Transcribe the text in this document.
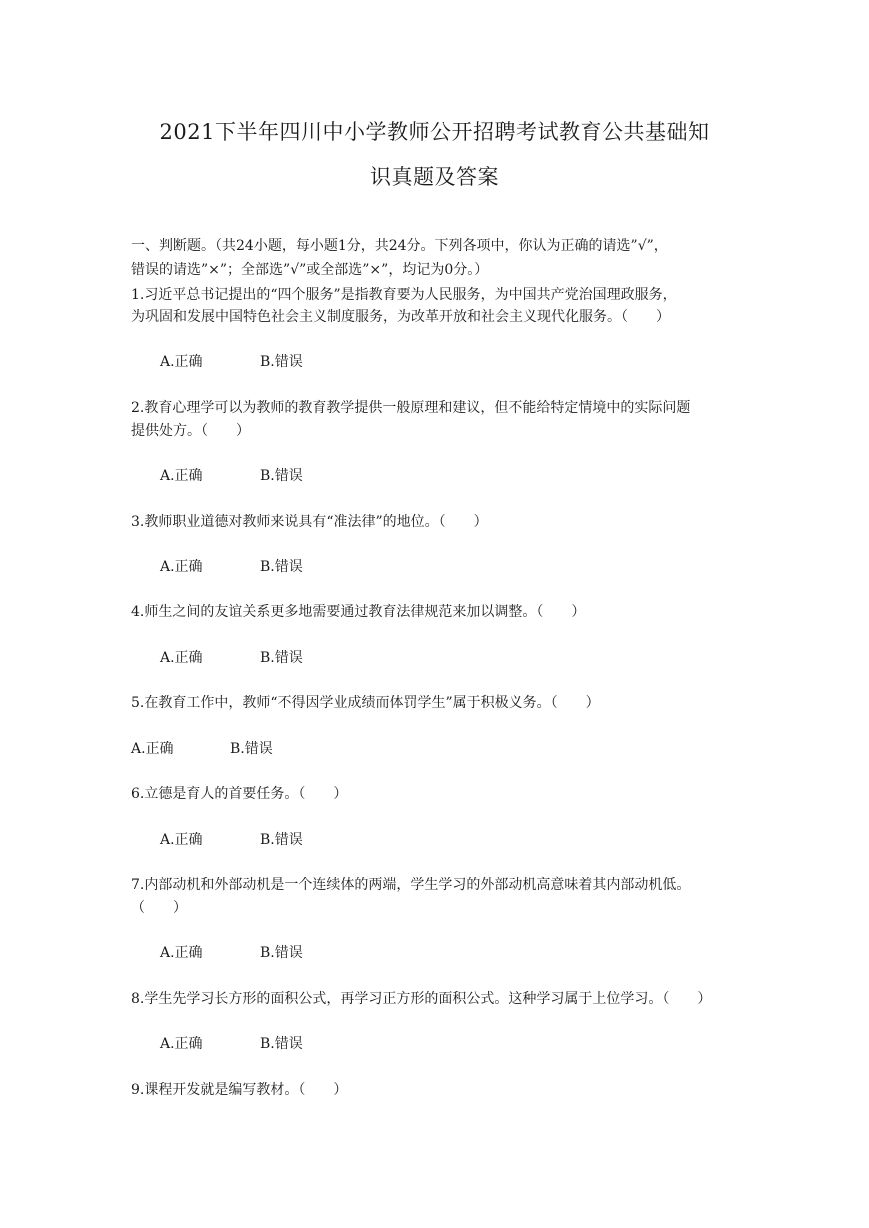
2021下半年四川中小学教师公开招聘考试教育公共基础知
识真题及答案
一、判断题。（共24小题，每小题1分，共24分。下列各项中，你认为正确的请选”√”，
错误的请选”×”；全部选”√”或全部选”×”，均记为0分。）
1.习近平总书记提出的“四个服务”是指教育要为人民服务，为中国共产党治国理政服务，
为巩固和发展中国特色社会主义制度服务，为改革开放和社会主义现代化服务。（　　）
A.正确	B.错误
2.教育心理学可以为教师的教育教学提供一般原理和建议，但不能给特定情境中的实际问题
提供处方。（　　）
A.正确	B.错误
3.教师职业道德对教师来说具有“准法律”的地位。（　　）
A.正确	B.错误
4.师生之间的友谊关系更多地需要通过教育法律规范来加以调整。（　　）
A.正确	B.错误
5.在教育工作中，教师“不得因学业成绩而体罚学生”属于积极义务。（　　）
A.正确	B.错误
6.立德是育人的首要任务。（　　）
A.正确	B.错误
7.内部动机和外部动机是一个连续体的两端，学生学习的外部动机高意味着其内部动机低。
（　　）
A.正确	B.错误
8.学生先学习长方形的面积公式，再学习正方形的面积公式。这种学习属于上位学习。（　　）
A.正确	B.错误
9.课程开发就是编写教材。（　　）
